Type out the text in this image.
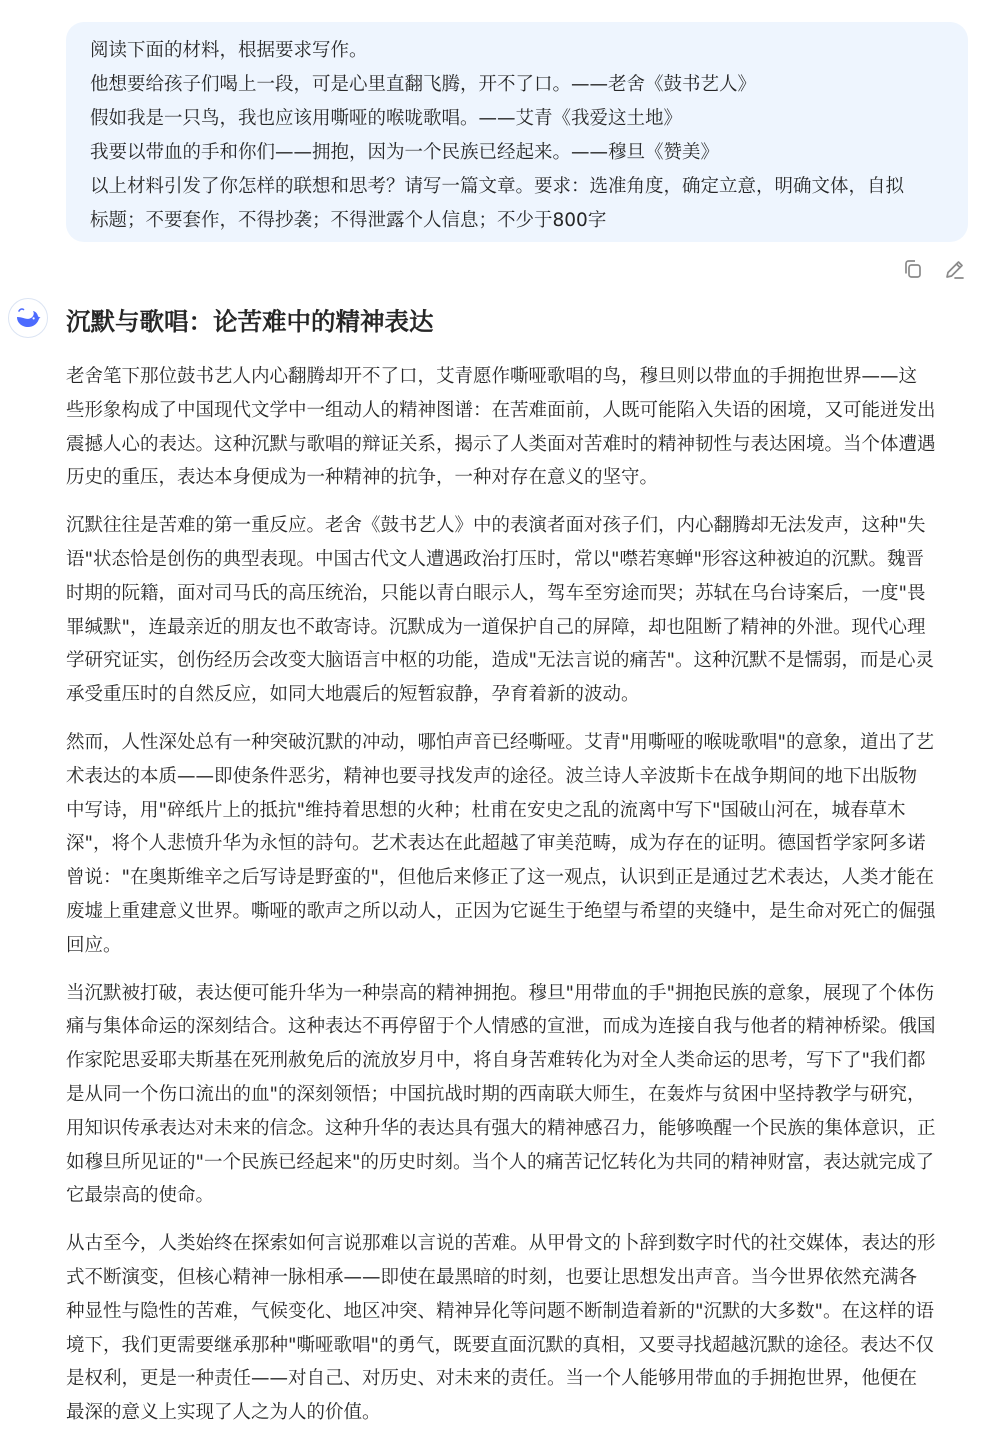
阅读下面的材料，根据要求写作。
他想要给孩子们喝上一段，可是心里直翻飞腾，开不了口。——老舍《鼓书艺人》
假如我是一只鸟，我也应该用嘶哑的喉咙歌唱。——艾青《我爱这土地》
我要以带血的手和你们——拥抱，因为一个民族已经起来。——穆旦《赞美》
以上材料引发了你怎样的联想和思考？请写一篇文章。要求：选准角度，确定立意，明确文体，自拟
标题；不要套作，不得抄袭；不得泄露个人信息；不少于800字
沉默与歌唱：论苦难中的精神表达
老舍笔下那位鼓书艺人内心翻腾却开不了口，艾青愿作嘶哑歌唱的鸟，穆旦则以带血的手拥抱世界——这
些形象构成了中国现代文学中一组动人的精神图谱：在苦难面前，人既可能陷入失语的困境，又可能迸发出
震撼人心的表达。这种沉默与歌唱的辩证关系，揭示了人类面对苦难时的精神韧性与表达困境。当个体遭遇
历史的重压，表达本身便成为一种精神的抗争，一种对存在意义的坚守。
沉默往往是苦难的第一重反应。老舍《鼓书艺人》中的表演者面对孩子们，内心翻腾却无法发声，这种"失
语"状态恰是创伤的典型表现。中国古代文人遭遇政治打压时，常以"噤若寒蝉"形容这种被迫的沉默。魏晋
时期的阮籍，面对司马氏的高压统治，只能以青白眼示人，驾车至穷途而哭；苏轼在乌台诗案后，一度"畏
罪缄默"，连最亲近的朋友也不敢寄诗。沉默成为一道保护自己的屏障，却也阻断了精神的外泄。现代心理
学研究证实，创伤经历会改变大脑语言中枢的功能，造成"无法言说的痛苦"。这种沉默不是懦弱，而是心灵
承受重压时的自然反应，如同大地震后的短暂寂静，孕育着新的波动。
然而，人性深处总有一种突破沉默的冲动，哪怕声音已经嘶哑。艾青"用嘶哑的喉咙歌唱"的意象，道出了艺
术表达的本质——即使条件恶劣，精神也要寻找发声的途径。波兰诗人辛波斯卡在战争期间的地下出版物
中写诗，用"碎纸片上的抵抗"维持着思想的火种；杜甫在安史之乱的流离中写下"国破山河在，城春草木
深"，将个人悲愤升华为永恒的詩句。艺术表达在此超越了审美范畴，成为存在的证明。德国哲学家阿多诺
曾说："在奥斯维辛之后写诗是野蛮的"，但他后来修正了这一观点，认识到正是通过艺术表达，人类才能在
废墟上重建意义世界。嘶哑的歌声之所以动人，正因为它诞生于绝望与希望的夹缝中，是生命对死亡的倔强
回应。
当沉默被打破，表达便可能升华为一种崇高的精神拥抱。穆旦"用带血的手"拥抱民族的意象，展现了个体伤
痛与集体命运的深刻结合。这种表达不再停留于个人情感的宣泄，而成为连接自我与他者的精神桥梁。俄国
作家陀思妥耶夫斯基在死刑赦免后的流放岁月中，将自身苦难转化为对全人类命运的思考，写下了"我们都
是从同一个伤口流出的血"的深刻领悟；中国抗战时期的西南联大师生，在轰炸与贫困中坚持教学与研究，
用知识传承表达对未来的信念。这种升华的表达具有强大的精神感召力，能够唤醒一个民族的集体意识，正
如穆旦所见证的"一个民族已经起来"的历史时刻。当个人的痛苦记忆转化为共同的精神财富，表达就完成了
它最崇高的使命。
从古至今，人类始终在探索如何言说那难以言说的苦难。从甲骨文的卜辞到数字时代的社交媒体，表达的形
式不断演变，但核心精神一脉相承——即使在最黑暗的时刻，也要让思想发出声音。当今世界依然充满各
种显性与隐性的苦难，气候变化、地区冲突、精神异化等问题不断制造着新的"沉默的大多数"。在这样的语
境下，我们更需要继承那种"嘶哑歌唱"的勇气，既要直面沉默的真相，又要寻找超越沉默的途径。表达不仅
是权利，更是一种责任——对自己、对历史、对未来的责任。当一个人能够用带血的手拥抱世界，他便在
最深的意义上实现了人之为人的价值。
